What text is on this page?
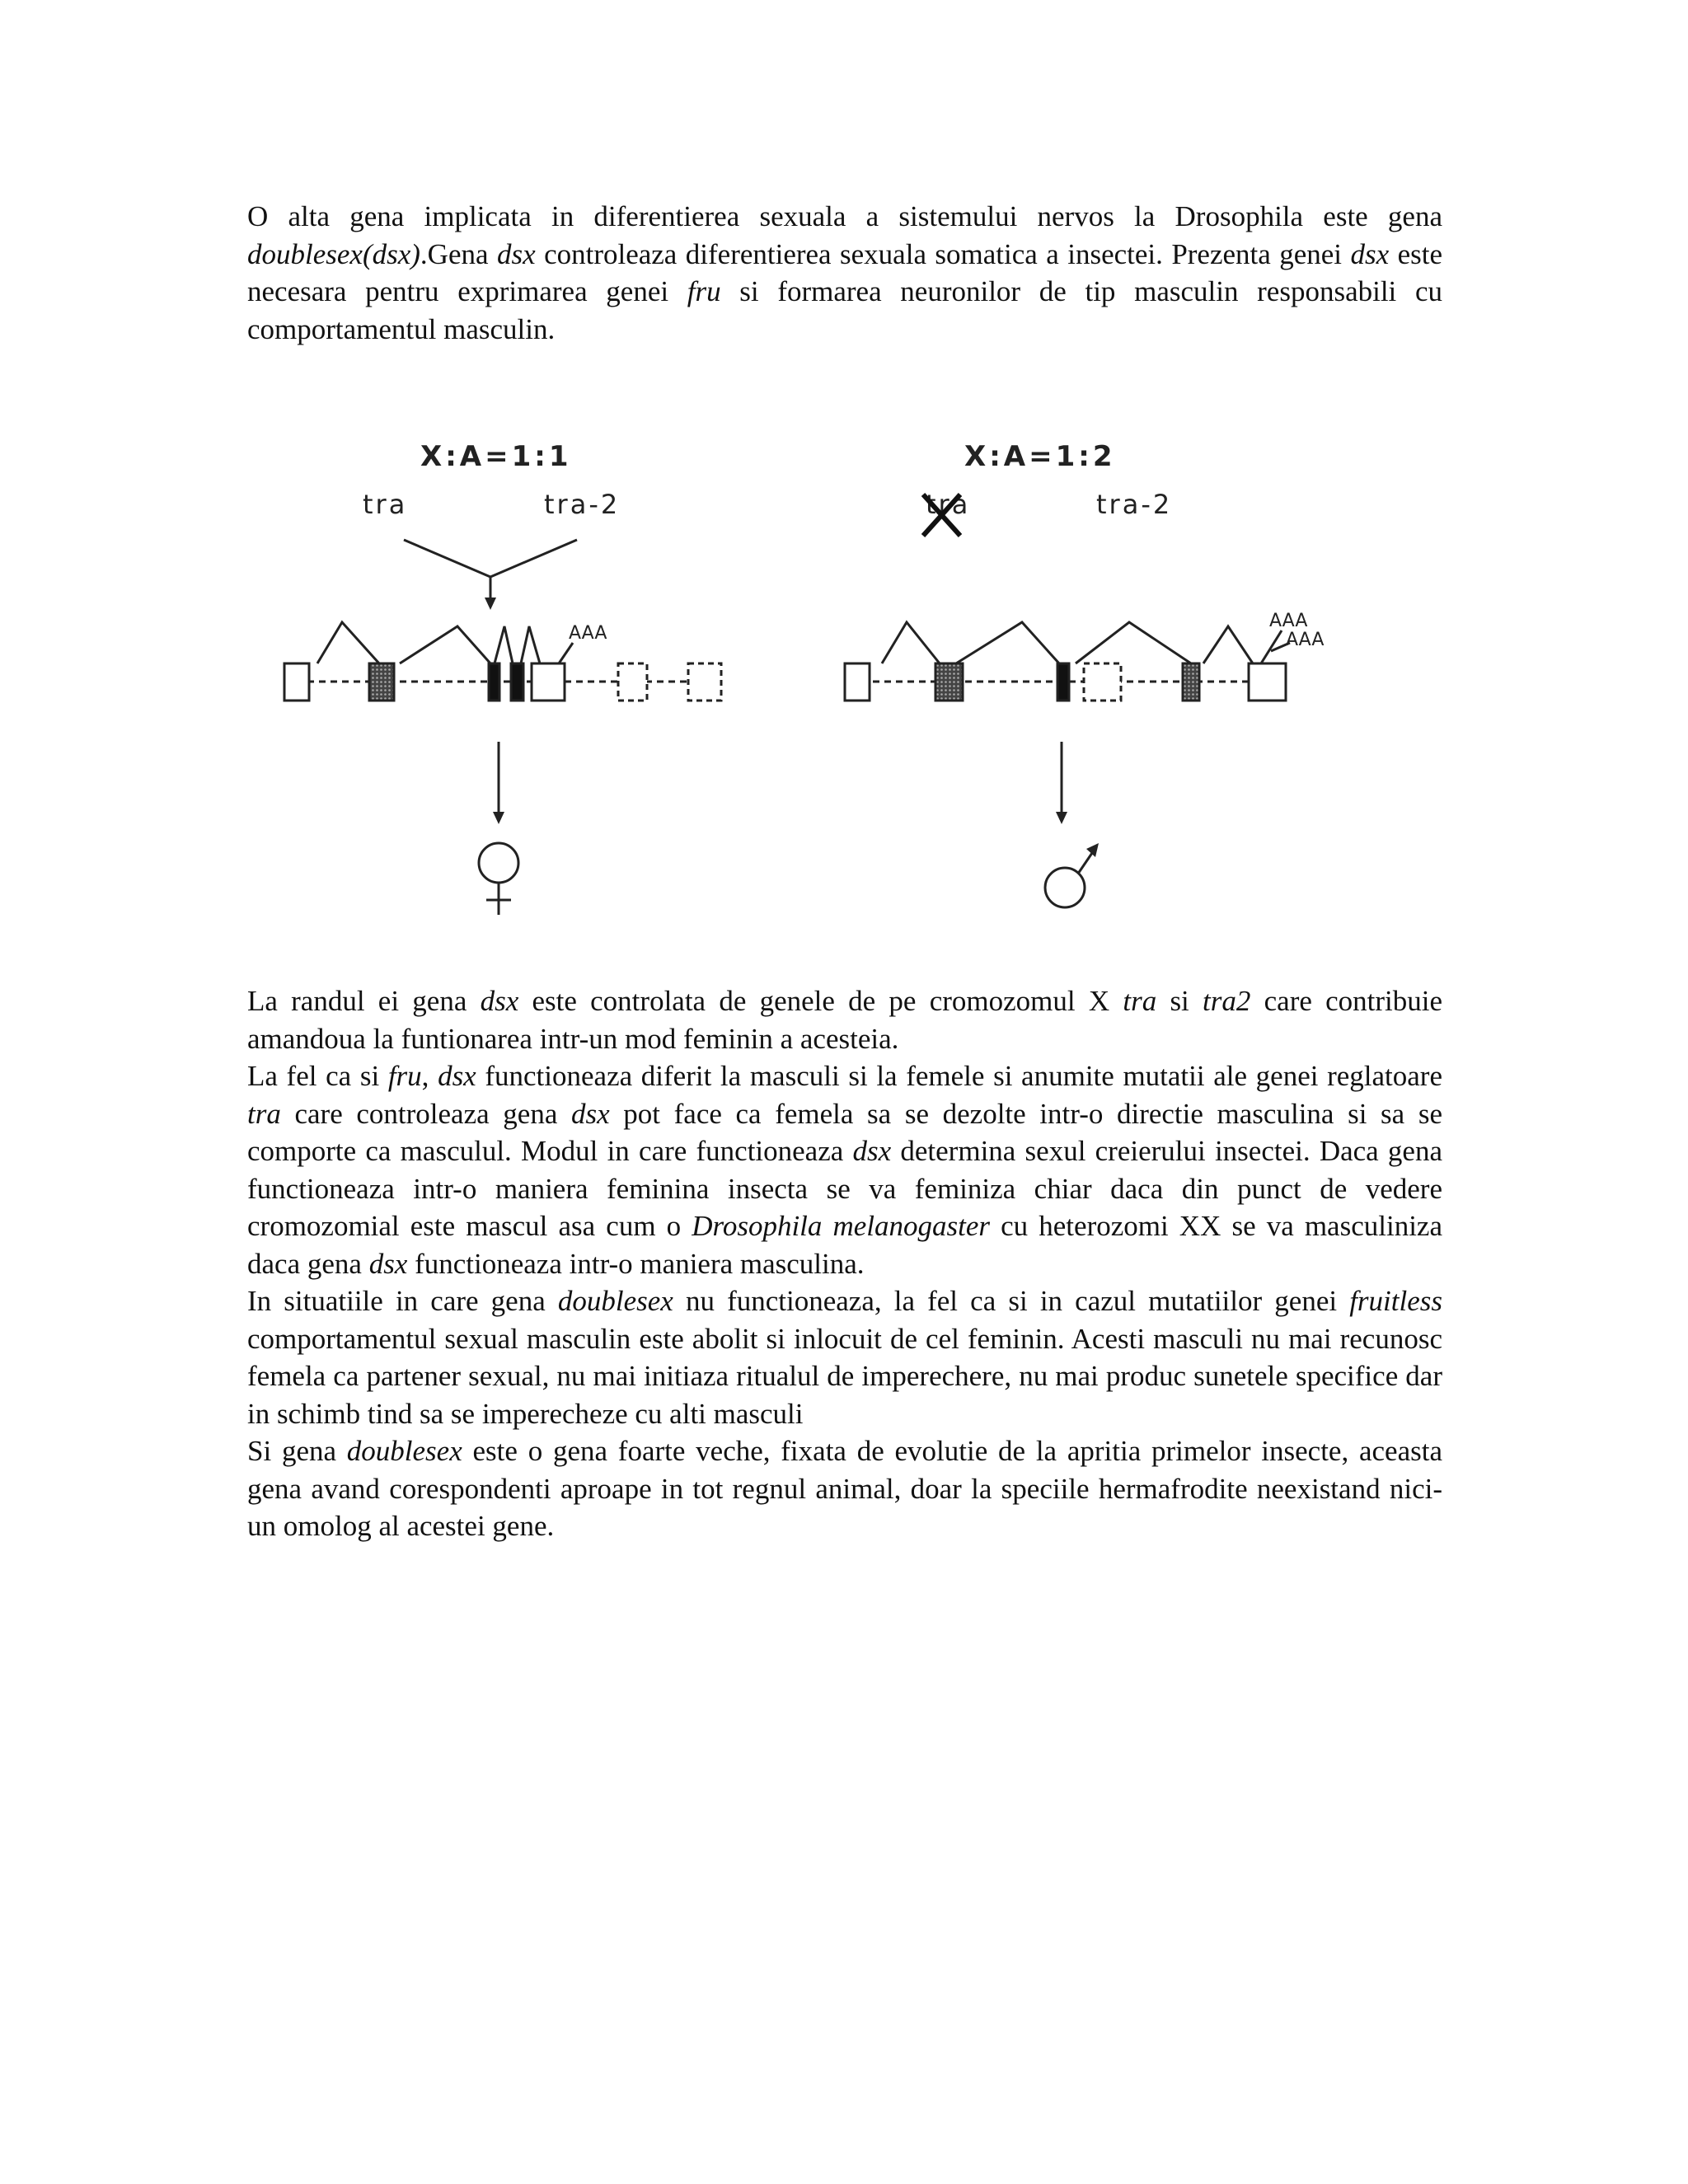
O alta gena implicata in diferentierea sexuala a sistemului nervos la Drosophila este gena doublesex(dsx).Gena dsx controleaza diferentierea sexuala somatica a insectei. Prezenta genei dsx este necesara pentru exprimarea genei fru si formarea neuronilor de tip masculin responsabili cu comportamentul masculin.

X:A=1:1
tra	tra-2
AAA
X:A=1:2
tra	tra-2
AAA
AAA

La randul ei gena dsx este controlata de genele de pe cromozomul X tra si tra2 care contribuie amandoua la funtionarea intr-un mod feminin a acesteia.
La fel ca si fru, dsx functioneaza diferit la masculi si la femele si anumite mutatii ale genei reglatoare tra care controleaza gena dsx pot face ca femela sa se dezolte intr-o directie masculina si sa se comporte ca masculul. Modul in care functioneaza dsx determina sexul creierului insectei. Daca gena functioneaza intr-o maniera feminina insecta se va feminiza chiar daca din punct de vedere cromozomial este mascul asa cum o Drosophila melanogaster cu heterozomi XX se va masculiniza daca gena dsx functioneaza intr-o maniera masculina.
In situatiile in care gena doublesex nu functioneaza, la fel ca si in cazul mutatiilor genei fruitless comportamentul sexual masculin este abolit si inlocuit de cel feminin. Acesti masculi nu mai recunosc femela ca partener sexual, nu mai initiaza ritualul de imperechere, nu mai produc sunetele specifice dar in schimb tind sa se imperecheze cu alti masculi
Si gena doublesex este o gena foarte veche, fixata de evolutie de la apritia primelor insecte, aceasta gena avand corespondenti aproape in tot regnul animal, doar la speciile hermafrodite neexistand nici-un omolog al acestei gene.
